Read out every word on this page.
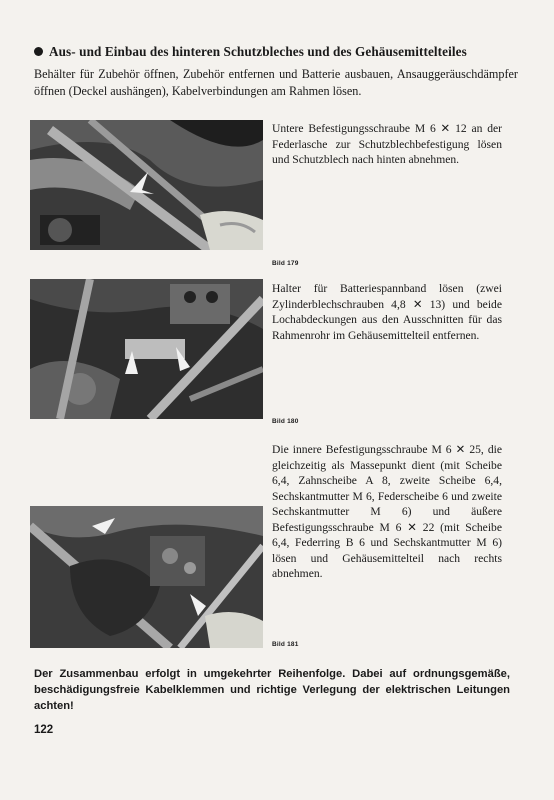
Aus- und Einbau des hinteren Schutzbleches und des Gehäusemittelteiles
Behälter für Zubehör öffnen, Zubehör entfernen und Batterie ausbauen, Ansauggeräuschdämpfer öffnen (Deckel aushängen), Kabelverbindungen am Rahmen lösen.
Untere Befestigungsschraube M 6 ✕ 12 an der Federlasche zur Schutzblechbefestigung lösen und Schutzblech nach hinten abnehmen.
Bild 179
Halter für Batteriespannband lösen (zwei Zylinderblechschrauben 4,8 ✕ 13) und beide Lochabdeckungen aus den Ausschnitten für das Rahmenrohr im Gehäusemittelteil entfernen.
Bild 180
Die innere Befestigungsschraube M 6 ✕ 25, die gleichzeitig als Massepunkt dient (mit Scheibe 6,4, Zahnscheibe A 8, zweite Scheibe 6,4, Sechskantmutter M 6, Federscheibe 6 und zweite Sechskantmutter M 6) und äußere Befestigungsschraube M 6 ✕ 22 (mit Scheibe 6,4, Federring B 6 und Sechskantmutter M 6) lösen und Gehäusemittelteil nach rechts abnehmen.
Bild 181
Der Zusammenbau erfolgt in umgekehrter Reihenfolge. Dabei auf ordnungsgemäße, beschädigungsfreie Kabelklemmen und richtige Verlegung der elektrischen Leitungen achten!
122
